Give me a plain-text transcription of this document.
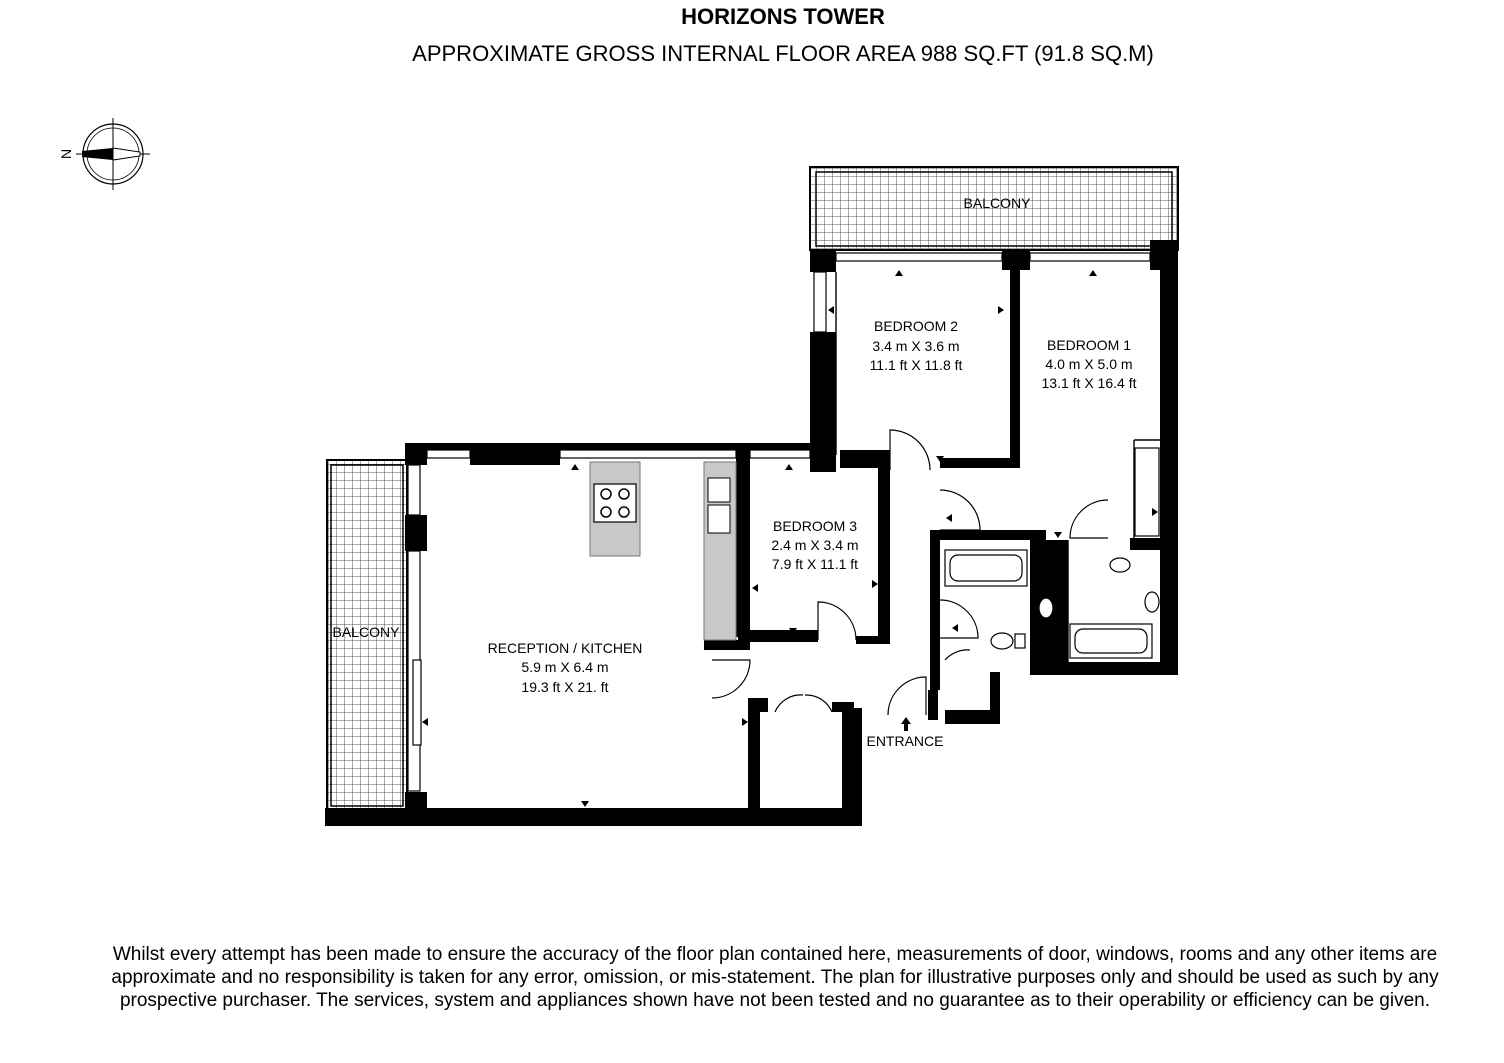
HORIZONS TOWER
APPROXIMATE GROSS INTERNAL FLOOR AREA 988 SQ.FT (91.8 SQ.M)
N
BALCONY
BALCONY
BEDROOM 2
3.4 m X 3.6 m
11.1 ft X 11.8 ft
BEDROOM 1
4.0 m X 5.0 m
13.1 ft X 16.4 ft
BEDROOM 3
2.4 m X 3.4 m
7.9 ft X 11.1 ft
RECEPTION / KITCHEN
5.9 m X 6.4 m
19.3 ft X 21. ft
ENTRANCE
Whilst every attempt has been made to ensure the accuracy of the floor plan contained here, measurements of door, windows, rooms and any other items are approximate and no responsibility is taken for any error, omission, or mis-statement. The plan for illustrative purposes only and should be used as such by any prospective purchaser. The services, system and appliances shown have not been tested and no guarantee as to their operability or efficiency can be given.
